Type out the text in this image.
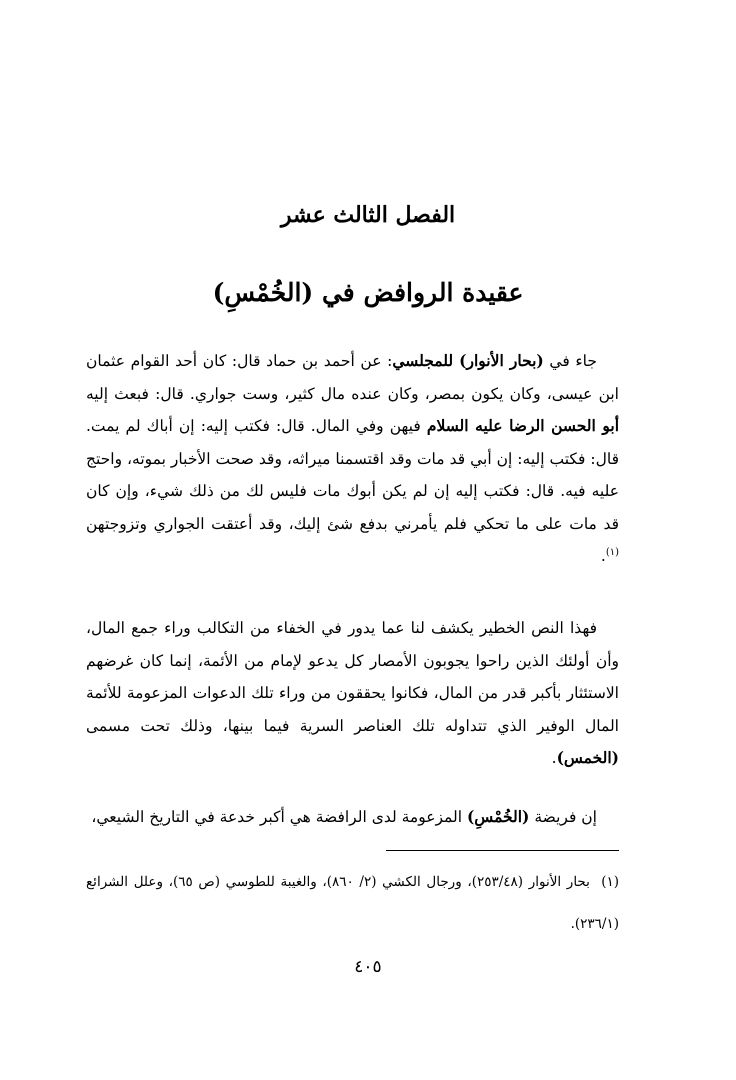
الفصل الثالث عشر
عقيدة الروافض في (الخُمْسِ)

جاء في (بحار الأنوار) للمجلسي: عن أحمد بن حماد قال: كان أحد القوام عثمان ابن عيسى، وكان يكون بمصر، وكان عنده مال كثير، وست جواري. قال: فبعث إليه أبو الحسن الرضا عليه السلام فيهن وفي المال. قال: فكتب إليه: إن أباك لم يمت. قال: فكتب إليه: إن أبي قد مات وقد اقتسمنا ميراثه، وقد صحت الأخبار بموته، واحتج عليه فيه. قال: فكتب إليه إن لم يكن أبوك مات فليس لك من ذلك شيء، وإن كان قد مات على ما تحكي فلم يأمرني بدفع شئ إليك، وقد أعتقت الجواري وتزوجتهن $^{(١)}$.

فهذا النص الخطير يكشف لنا عما يدور في الخفاء من التكالب وراء جمع المال، وأن أولئك الذين راحوا يجوبون الأمصار كل يدعو لإمام من الأئمة، إنما كان غرضهم الاستئثار بأكبر قدر من المال، فكانوا يحققون من وراء تلك الدعوات المزعومة للأئمة المال الوفير الذي تتداوله تلك العناصر السرية فيما بينها، وذلك تحت مسمى (الخمس).

إن فريضة (الخُمْسِ) المزعومة لدى الرافضة هي أكبر خدعة في التاريخ الشيعي،

(١)  بحار الأنوار (٢٥٣/٤٨)، ورجال الكشي (٢/ ٨٦٠)، والغيبة للطوسي (ص ٦٥)، وعلل الشرائع (٢٣٦/١).

٤٠٥
